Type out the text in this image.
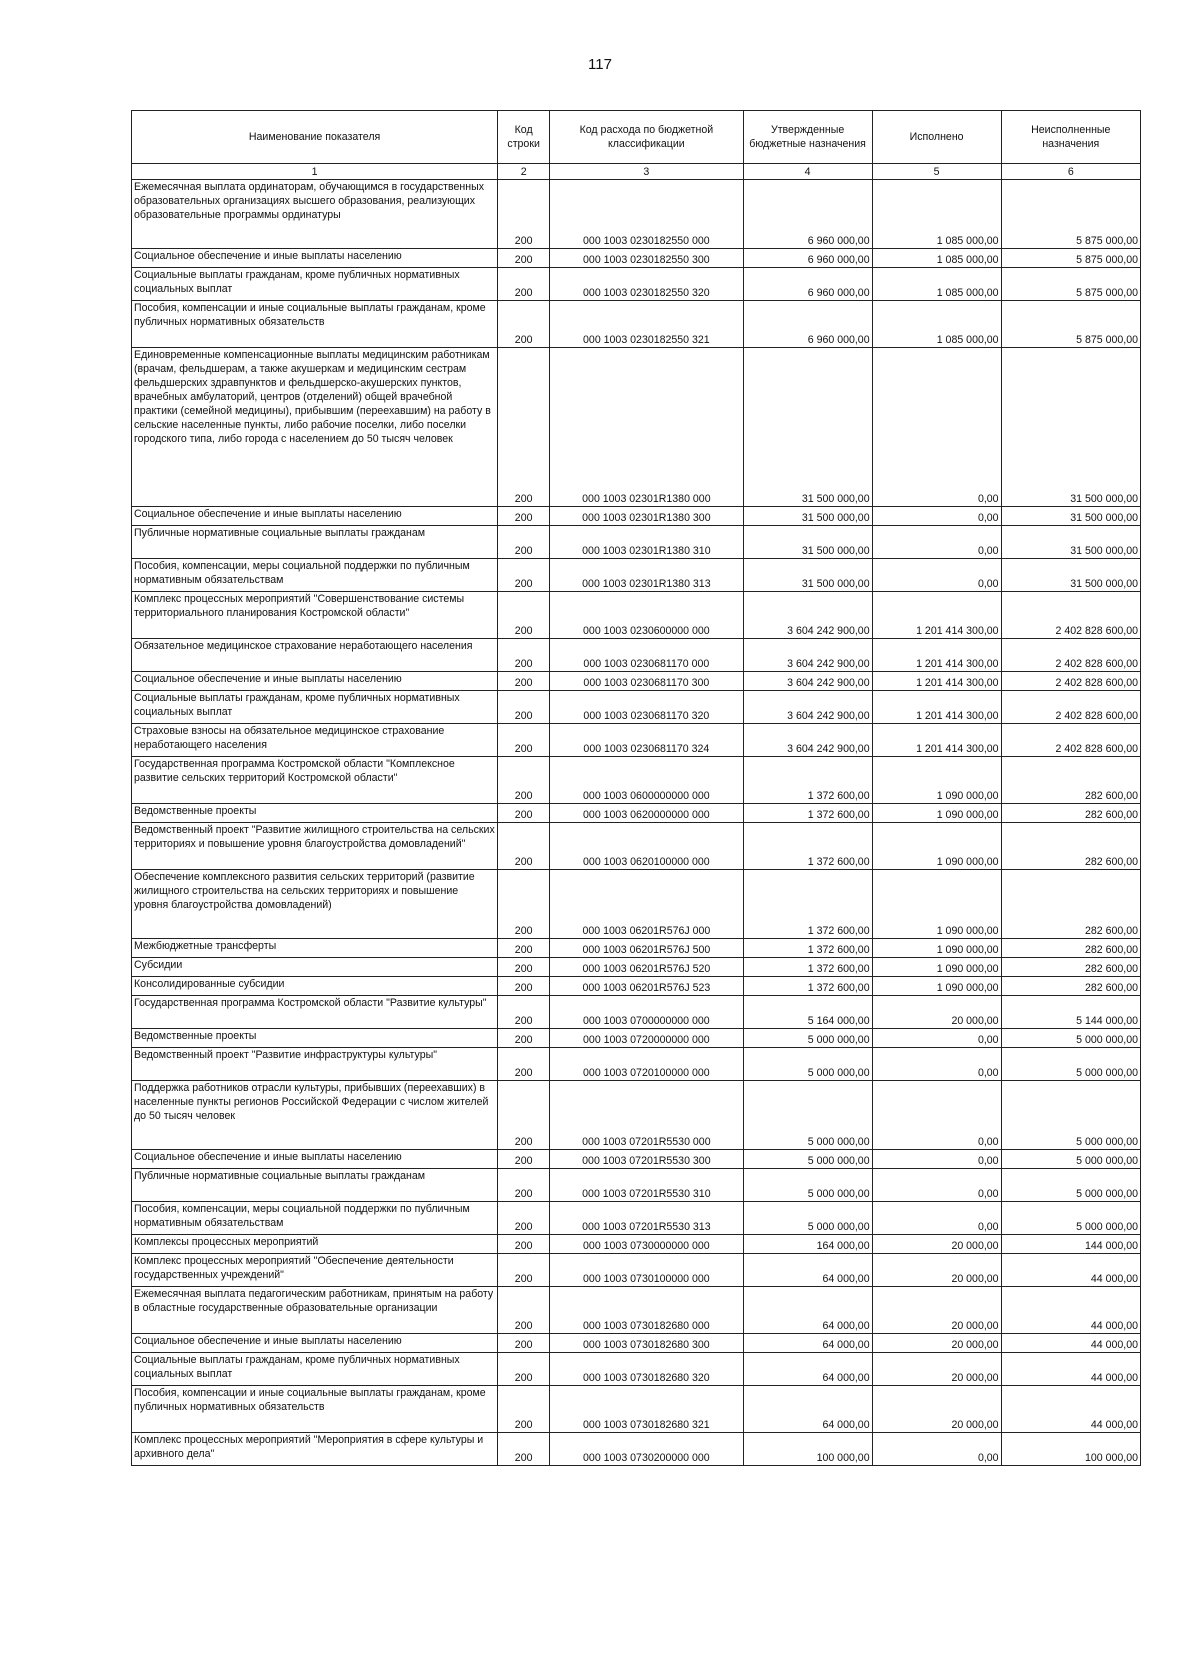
117
Наименование показателя	Код строки	Код расхода по бюджетной классификации	Утвержденные бюджетные назначения	Исполнено	Неисполненные назначения
1	2	3	4	5	6
Ежемесячная выплата ординаторам, обучающимся в государственных образовательных организациях высшего образования, реализующих образовательные программы ординатуры	200	000 1003 0230182550 000	6 960 000,00	1 085 000,00	5 875 000,00
Социальное обеспечение и иные выплаты населению	200	000 1003 0230182550 300	6 960 000,00	1 085 000,00	5 875 000,00
Социальные выплаты гражданам, кроме публичных нормативных социальных выплат	200	000 1003 0230182550 320	6 960 000,00	1 085 000,00	5 875 000,00
Пособия, компенсации и иные социальные выплаты гражданам, кроме публичных нормативных обязательств	200	000 1003 0230182550 321	6 960 000,00	1 085 000,00	5 875 000,00
Единовременные компенсационные выплаты медицинским работникам (врачам, фельдшерам, а также акушеркам и медицинским сестрам фельдшерских здравпунктов и фельдшерско-акушерских пунктов, врачебных амбулаторий, центров (отделений) общей врачебной практики (семейной медицины), прибывшим (переехавшим) на работу в сельские населенные пункты, либо рабочие поселки, либо поселки городского типа, либо города с населением до 50 тысяч человек	200	000 1003 02301R1380 000	31 500 000,00	0,00	31 500 000,00
Социальное обеспечение и иные выплаты населению	200	000 1003 02301R1380 300	31 500 000,00	0,00	31 500 000,00
Публичные нормативные социальные выплаты гражданам	200	000 1003 02301R1380 310	31 500 000,00	0,00	31 500 000,00
Пособия, компенсации, меры социальной поддержки по публичным нормативным обязательствам	200	000 1003 02301R1380 313	31 500 000,00	0,00	31 500 000,00
Комплекс процессных мероприятий "Совершенствование системы территориального планирования Костромской области"	200	000 1003 0230600000 000	3 604 242 900,00	1 201 414 300,00	2 402 828 600,00
Обязательное медицинское страхование неработающего населения	200	000 1003 0230681170 000	3 604 242 900,00	1 201 414 300,00	2 402 828 600,00
Социальное обеспечение и иные выплаты населению	200	000 1003 0230681170 300	3 604 242 900,00	1 201 414 300,00	2 402 828 600,00
Социальные выплаты гражданам, кроме публичных нормативных социальных выплат	200	000 1003 0230681170 320	3 604 242 900,00	1 201 414 300,00	2 402 828 600,00
Страховые взносы на обязательное медицинское страхование неработающего населения	200	000 1003 0230681170 324	3 604 242 900,00	1 201 414 300,00	2 402 828 600,00
Государственная программа Костромской области "Комплексное развитие сельских территорий Костромской области"	200	000 1003 0600000000 000	1 372 600,00	1 090 000,00	282 600,00
Ведомственные проекты	200	000 1003 0620000000 000	1 372 600,00	1 090 000,00	282 600,00
Ведомственный проект "Развитие жилищного строительства на сельских территориях и повышение уровня благоустройства домовладений"	200	000 1003 0620100000 000	1 372 600,00	1 090 000,00	282 600,00
Обеспечение комплексного развития сельских территорий (развитие жилищного строительства на сельских территориях и повышение уровня благоустройства домовладений)	200	000 1003 06201R576J 000	1 372 600,00	1 090 000,00	282 600,00
Межбюджетные трансферты	200	000 1003 06201R576J 500	1 372 600,00	1 090 000,00	282 600,00
Субсидии	200	000 1003 06201R576J 520	1 372 600,00	1 090 000,00	282 600,00
Консолидированные субсидии	200	000 1003 06201R576J 523	1 372 600,00	1 090 000,00	282 600,00
Государственная программа Костромской области "Развитие культуры"	200	000 1003 0700000000 000	5 164 000,00	20 000,00	5 144 000,00
Ведомственные проекты	200	000 1003 0720000000 000	5 000 000,00	0,00	5 000 000,00
Ведомственный проект "Развитие инфраструктуры культуры"	200	000 1003 0720100000 000	5 000 000,00	0,00	5 000 000,00
Поддержка работников отрасли культуры, прибывших (переехавших) в населенные пункты регионов Российской Федерации с числом жителей до 50 тысяч человек	200	000 1003 07201R5530 000	5 000 000,00	0,00	5 000 000,00
Социальное обеспечение и иные выплаты населению	200	000 1003 07201R5530 300	5 000 000,00	0,00	5 000 000,00
Публичные нормативные социальные выплаты гражданам	200	000 1003 07201R5530 310	5 000 000,00	0,00	5 000 000,00
Пособия, компенсации, меры социальной поддержки по публичным нормативным обязательствам	200	000 1003 07201R5530 313	5 000 000,00	0,00	5 000 000,00
Комплексы процессных мероприятий	200	000 1003 0730000000 000	164 000,00	20 000,00	144 000,00
Комплекс процессных мероприятий "Обеспечение деятельности государственных учреждений"	200	000 1003 0730100000 000	64 000,00	20 000,00	44 000,00
Ежемесячная выплата педагогическим работникам, принятым на работу в областные государственные образовательные организации	200	000 1003 0730182680 000	64 000,00	20 000,00	44 000,00
Социальное обеспечение и иные выплаты населению	200	000 1003 0730182680 300	64 000,00	20 000,00	44 000,00
Социальные выплаты гражданам, кроме публичных нормативных социальных выплат	200	000 1003 0730182680 320	64 000,00	20 000,00	44 000,00
Пособия, компенсации и иные социальные выплаты гражданам, кроме публичных нормативных обязательств	200	000 1003 0730182680 321	64 000,00	20 000,00	44 000,00
Комплекс процессных мероприятий "Мероприятия в сфере культуры и архивного дела"	200	000 1003 0730200000 000	100 000,00	0,00	100 000,00
